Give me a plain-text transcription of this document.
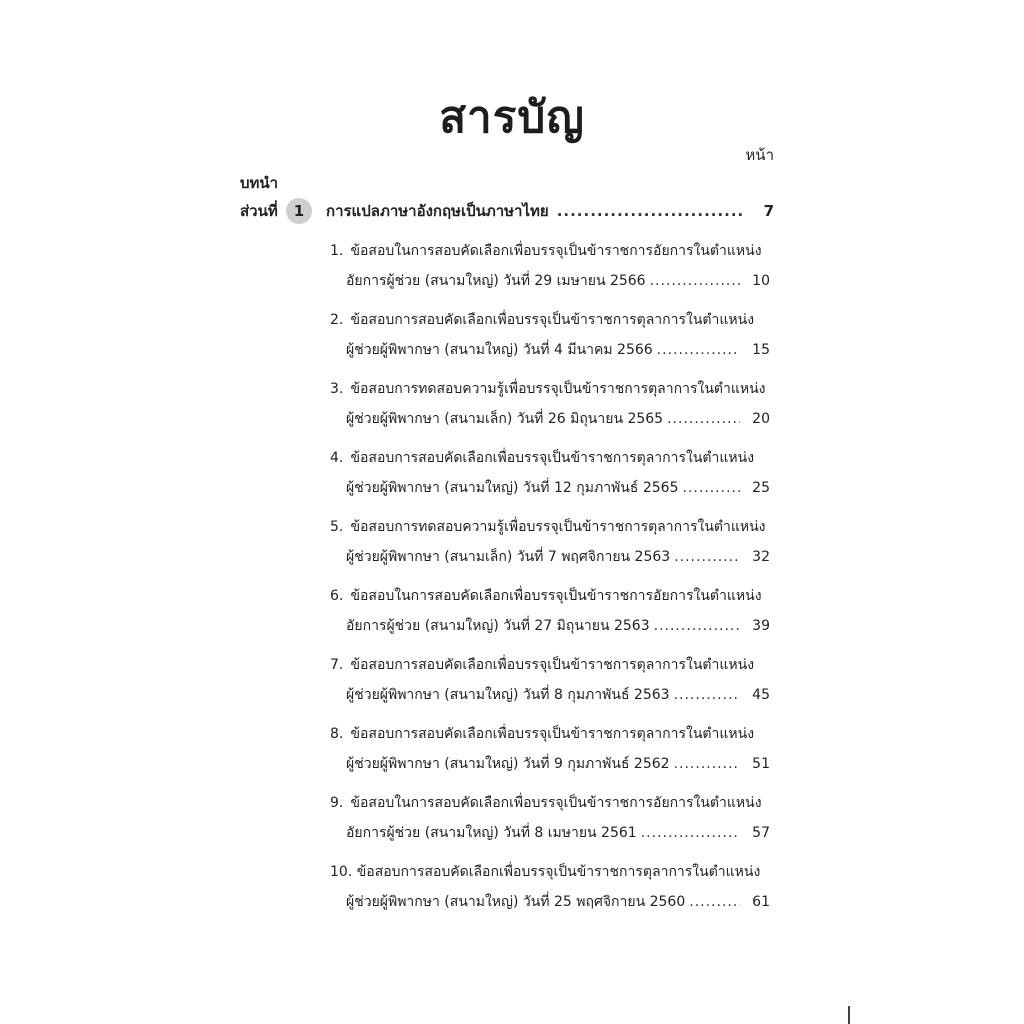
สารบัญ
หน้า
บทนำ
ส่วนที่	1	การแปลภาษาอังกฤษเป็นภาษาไทย .....	7
1.
ข้อสอบในการสอบคัดเลือกเพื่อบรรจุเป็นข้าราชการอัยการในตำแหน่ง
อัยการผู้ช่วย (สนามใหญ่) วันที่ 29 เมษายน 2566 .....	10
2.
ข้อสอบการสอบคัดเลือกเพื่อบรรจุเป็นข้าราชการตุลาการในตำแหน่ง
ผู้ช่วยผู้พิพากษา (สนามใหญ่) วันที่ 4 มีนาคม 2566 .....	15
3.
ข้อสอบการทดสอบความรู้เพื่อบรรจุเป็นข้าราชการตุลาการในตำแหน่ง
ผู้ช่วยผู้พิพากษา (สนามเล็ก) วันที่ 26 มิถุนายน 2565 .....	20
4.
ข้อสอบการสอบคัดเลือกเพื่อบรรจุเป็นข้าราชการตุลาการในตำแหน่ง
ผู้ช่วยผู้พิพากษา (สนามใหญ่) วันที่ 12 กุมภาพันธ์ 2565 .....	25
5.
ข้อสอบการทดสอบความรู้เพื่อบรรจุเป็นข้าราชการตุลาการในตำแหน่ง
ผู้ช่วยผู้พิพากษา (สนามเล็ก) วันที่ 7 พฤศจิกายน 2563 .....	32
6.
ข้อสอบในการสอบคัดเลือกเพื่อบรรจุเป็นข้าราชการอัยการในตำแหน่ง
อัยการผู้ช่วย (สนามใหญ่) วันที่ 27 มิถุนายน 2563 .....	39
7.
ข้อสอบการสอบคัดเลือกเพื่อบรรจุเป็นข้าราชการตุลาการในตำแหน่ง
ผู้ช่วยผู้พิพากษา (สนามใหญ่) วันที่ 8 กุมภาพันธ์ 2563 .....	45
8.
ข้อสอบการสอบคัดเลือกเพื่อบรรจุเป็นข้าราชการตุลาการในตำแหน่ง
ผู้ช่วยผู้พิพากษา (สนามใหญ่) วันที่ 9 กุมภาพันธ์ 2562 .....	51
9.
ข้อสอบในการสอบคัดเลือกเพื่อบรรจุเป็นข้าราชการอัยการในตำแหน่ง
อัยการผู้ช่วย (สนามใหญ่) วันที่ 8 เมษายน 2561 .....	57
10.
ข้อสอบการสอบคัดเลือกเพื่อบรรจุเป็นข้าราชการตุลาการในตำแหน่ง
ผู้ช่วยผู้พิพากษา (สนามใหญ่) วันที่ 25 พฤศจิกายน 2560 .....	61
